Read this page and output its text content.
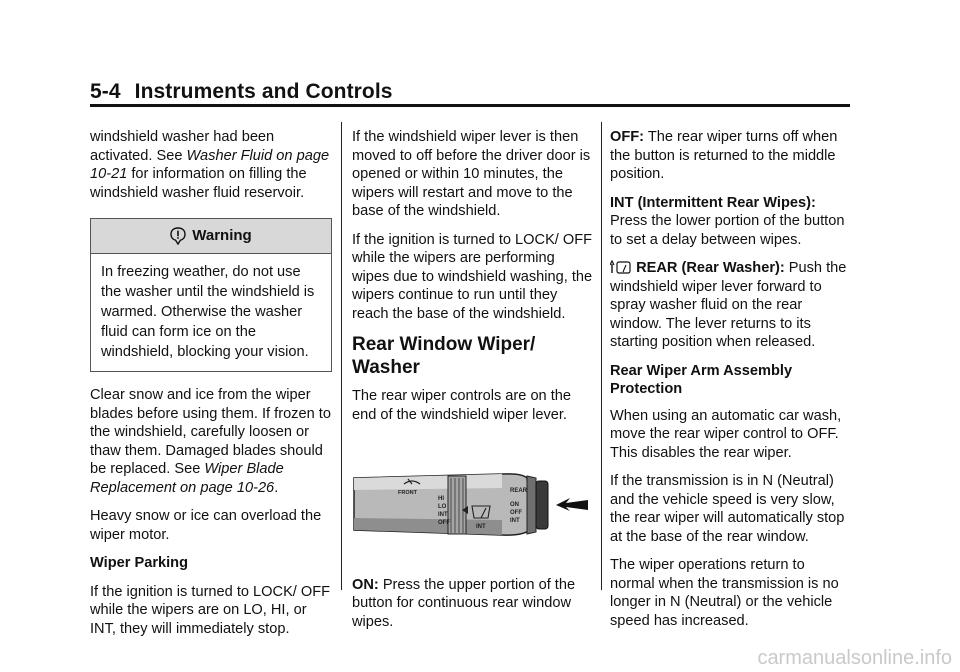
5-4 Instruments and Controls

windshield washer had been activated. See Washer Fluid on page 10-21 for information on filling the windshield washer fluid reservoir.

Warning
In freezing weather, do not use the washer until the windshield is warmed. Otherwise the washer fluid can form ice on the windshield, blocking your vision.

Clear snow and ice from the wiper blades before using them. If frozen to the windshield, carefully loosen or thaw them. Damaged blades should be replaced. See Wiper Blade Replacement on page 10-26.

Heavy snow or ice can overload the wiper motor.

Wiper Parking

If the ignition is turned to LOCK/ OFF while the wipers are on LO, HI, or INT, they will immediately stop.

If the windshield wiper lever is then moved to off before the driver door is opened or within 10 minutes, the wipers will restart and move to the base of the windshield.

If the ignition is turned to LOCK/ OFF while the wipers are performing wipes due to windshield washing, the wipers continue to run until they reach the base of the windshield.

Rear Window Wiper/ Washer

The rear wiper controls are on the end of the windshield wiper lever.

FRONT
HI
LO
INT
OFF
REAR
ON
OFF
INT
INT

ON: Press the upper portion of the button for continuous rear window wipes.

OFF: The rear wiper turns off when the button is returned to the middle position.

INT (Intermittent Rear Wipes): Press the lower portion of the button to set a delay between wipes.

REAR (Rear Washer): Push the windshield wiper lever forward to spray washer fluid on the rear window. The lever returns to its starting position when released.

Rear Wiper Arm Assembly Protection

When using an automatic car wash, move the rear wiper control to OFF. This disables the rear wiper.

If the transmission is in N (Neutral) and the vehicle speed is very slow, the rear wiper will automatically stop at the base of the rear window.

The wiper operations return to normal when the transmission is no longer in N (Neutral) or the vehicle speed has increased.

carmanualsonline.info
